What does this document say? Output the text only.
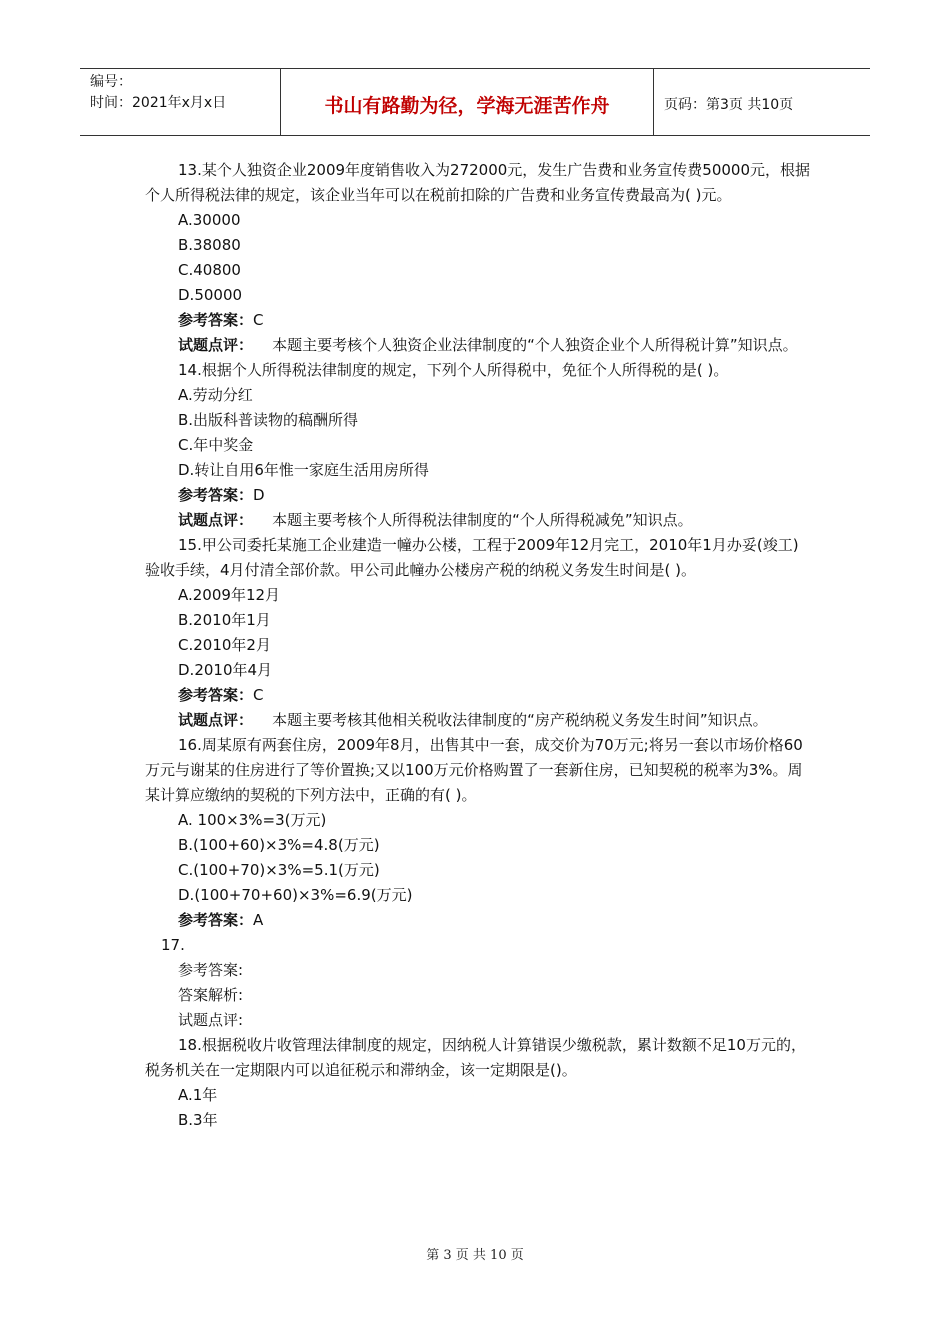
编号：
时间：2021年x月x日	书山有路勤为径，学海无涯苦作舟	页码：第3页 共10页

13.某个人独资企业2009年度销售收入为272000元，发生广告费和业务宣传费50000元，根据个人所得税法律的规定，该企业当年可以在税前扣除的广告费和业务宣传费最高为( )元。

A.30000

B.38080

C.40800

D.50000

参考答案：C

试题点评： 本题主要考核个人独资企业法律制度的“个人独资企业个人所得税计算”知识点。

14.根据个人所得税法律制度的规定，下列个人所得税中，免征个人所得税的是( )。

A.劳动分红

B.出版科普读物的稿酬所得

C.年中奖金

D.转让自用6年惟一家庭生活用房所得

参考答案：D

试题点评： 本题主要考核个人所得税法律制度的“个人所得税减免”知识点。

15.甲公司委托某施工企业建造一幢办公楼，工程于2009年12月完工，2010年1月办妥(竣工)验收手续，4月付清全部价款。甲公司此幢办公楼房产税的纳税义务发生时间是( )。

A.2009年12月

B.2010年1月

C.2010年2月

D.2010年4月

参考答案：C

试题点评： 本题主要考核其他相关税收法律制度的“房产税纳税义务发生时间”知识点。

16.周某原有两套住房，2009年8月，出售其中一套，成交价为70万元;将另一套以市场价格60万元与谢某的住房进行了等价置换;又以100万元价格购置了一套新住房，已知契税的税率为3%。周某计算应缴纳的契税的下列方法中，正确的有( )。

A. 100×3%=3(万元)

B.(100+60)×3%=4.8(万元)

C.(100+70)×3%=5.1(万元)

D.(100+70+60)×3%=6.9(万元)

参考答案：A

17.

参考答案:

答案解析:

试题点评:

18.根据税收片收管理法律制度的规定，因纳税人计算错误少缴税款，累计数额不足10万元的，税务机关在一定期限内可以追征税示和滞纳金，该一定期限是()。

A.1年

B.3年

第 3 页 共 10 页
